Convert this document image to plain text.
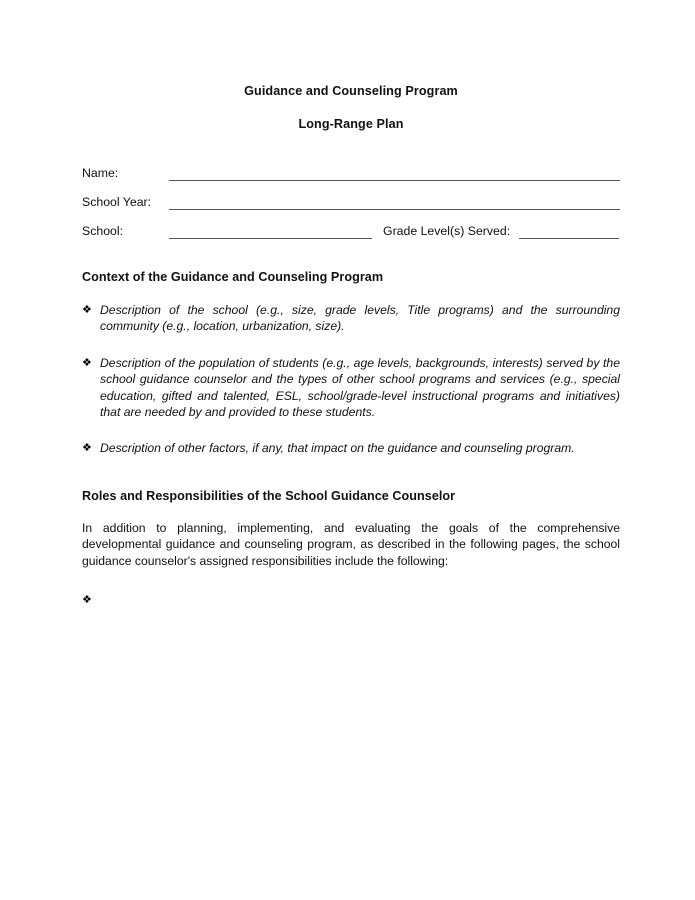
Guidance and Counseling Program
Long-Range Plan
Name:
School Year:
School:	Grade Level(s) Served:
Context of the Guidance and Counseling Program
❖ Description of the school (e.g., size, grade levels, Title programs) and the surrounding community (e.g., location, urbanization, size).
❖ Description of the population of students (e.g., age levels, backgrounds, interests) served by the school guidance counselor and the types of other school programs and services (e.g., special education, gifted and talented, ESL, school/grade-level instructional programs and initiatives) that are needed by and provided to these students.
❖ Description of other factors, if any, that impact on the guidance and counseling program.
Roles and Responsibilities of the School Guidance Counselor

In addition to planning, implementing, and evaluating the goals of the comprehensive developmental guidance and counseling program, as described in the following pages, the school guidance counselor's assigned responsibilities include the following:

❖
